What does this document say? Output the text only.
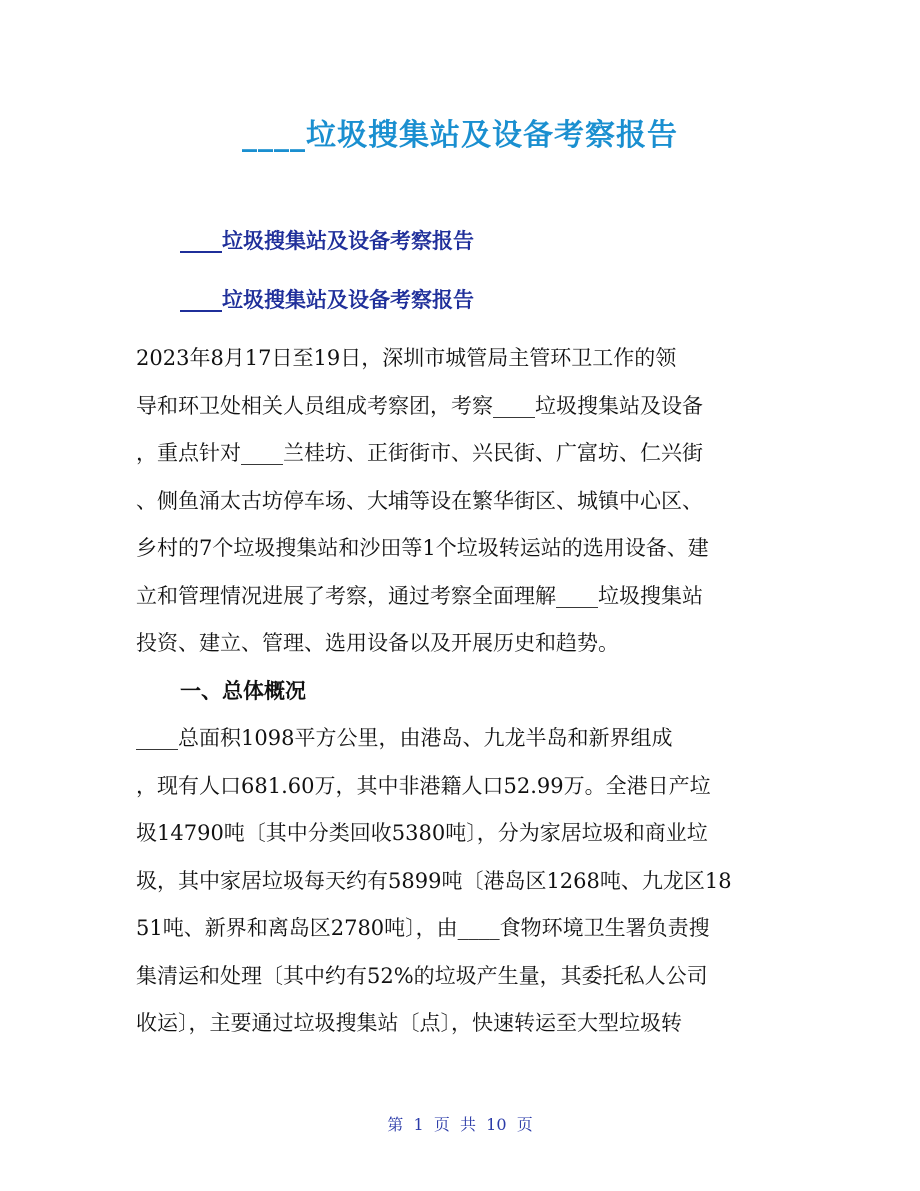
____垃圾搜集站及设备考察报告
____垃圾搜集站及设备考察报告
____垃圾搜集站及设备考察报告
2023年8月17日至19日，深圳市城管局主管环卫工作的领
导和环卫处相关人员组成考察团，考察____垃圾搜集站及设备
，重点针对____兰桂坊、正街街市、兴民街、广富坊、仁兴街
、侧鱼涌太古坊停车场、大埔等设在繁华街区、城镇中心区、
乡村的7个垃圾搜集站和沙田等1个垃圾转运站的选用设备、建
立和管理情况进展了考察，通过考察全面理解____垃圾搜集站
投资、建立、管理、选用设备以及开展历史和趋势。
一、总体概况
____总面积1098平方公里，由港岛、九龙半岛和新界组成
，现有人口681.60万，其中非港籍人口52.99万。全港日产垃
圾14790吨〔其中分类回收5380吨〕，分为家居垃圾和商业垃
圾，其中家居垃圾每天约有5899吨〔港岛区1268吨、九龙区18
51吨、新界和离岛区2780吨〕，由____食物环境卫生署负责搜
集清运和处理〔其中约有52%的垃圾产生量，其委托私人公司
收运〕，主要通过垃圾搜集站〔点〕，快速转运至大型垃圾转
第  1  页  共  10  页
